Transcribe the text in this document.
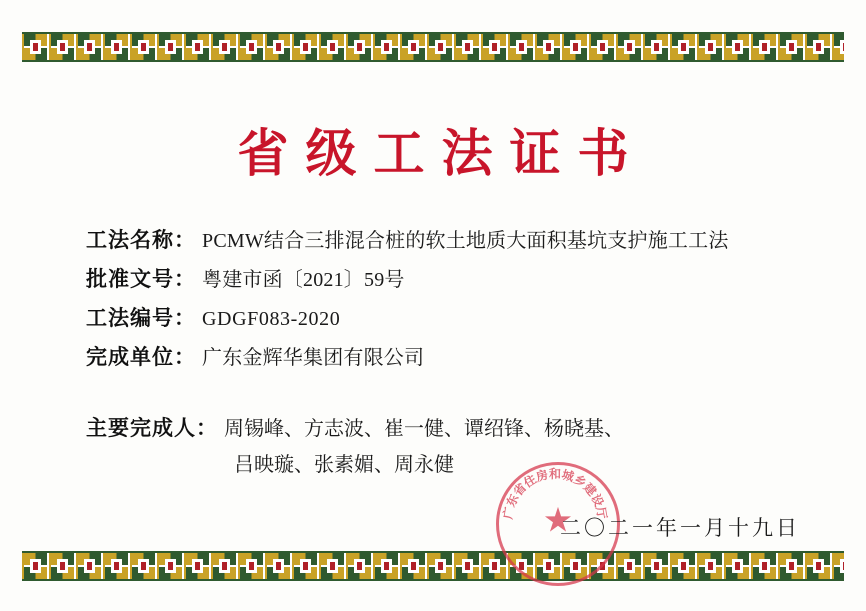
省级工法证书
工法名称： PCMW结合三排混合桩的软土地质大面积基坑支护施工工法
批准文号： 粤建市函〔2021〕59号
工法编号： GDGF083-2020
完成单位： 广东金辉华集团有限公司
主要完成人： 周锡峰、方志波、崔一健、谭绍锋、杨晓基、
吕映璇、张素媚、周永健
★
广东省住房和城乡建设厅
二〇二一年一月十九日
